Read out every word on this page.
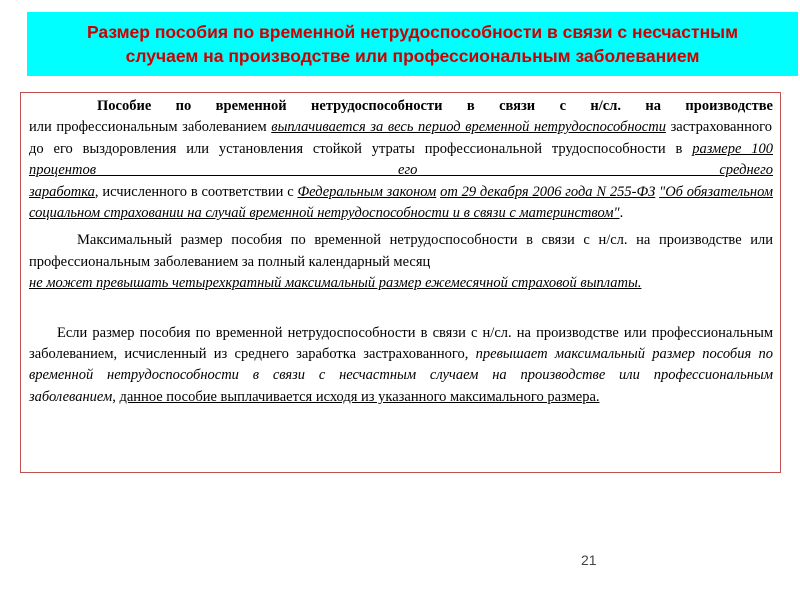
Размер пособия по временной нетрудоспособности в связи с несчастным
случаем на производстве или профессиональным заболеванием

Пособие по временной нетрудоспособности в связи с н/сл. на производстве или профессиональным заболеванием выплачивается за весь период временной нетрудоспособности застрахованного до его выздоровления или установления стойкой утраты профессиональной трудоспособности в размере 100 процентов его среднего заработка, исчисленного в соответствии с Федеральным законом от 29 декабря 2006 года N 255-ФЗ "Об обязательном социальном страховании на случай временной нетрудоспособности и в связи с материнством".

Максимальный размер пособия по временной нетрудоспособности в связи с н/сл. на производстве или профессиональным заболеванием за полный календарный месяц
не может превышать четырехкратный максимальный размер ежемесячной страховой выплаты.

Если размер пособия по временной нетрудоспособности в связи с н/сл. на производстве или профессиональным заболеванием, исчисленный из среднего заработка застрахованного, превышает максимальный размер пособия по временной нетрудоспособности в связи с несчастным случаем на производстве или профессиональным заболеванием, данное пособие выплачивается исходя из указанного максимального размера.

21
